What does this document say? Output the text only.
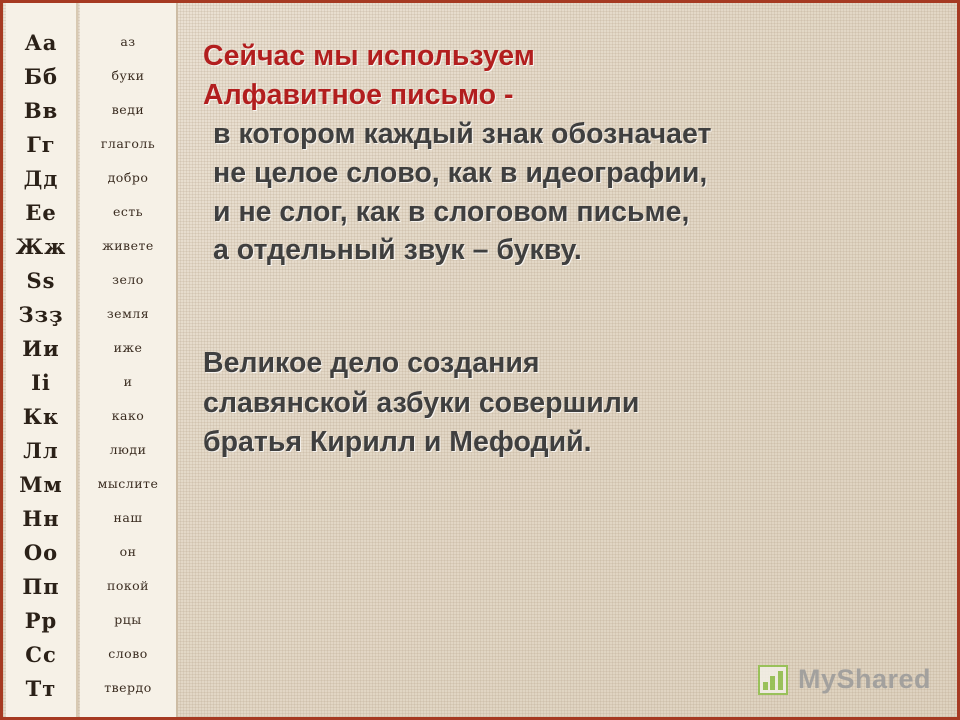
Аа
Бб
Вв
Гг
Дд
Ее
Жж
Ss
Ззҙ
Ии
Іi
Кк
Лл
Мм
Нн
Оо
Пп
Рр
Сс
Тт
аз
буки
веди
глаголь
добро
есть
живете
зело
земля
иже
и
како
люди
мыслите
наш
он
покой
рцы
слово
твердо
Сейчас мы используем
Алфавитное письмо -

в котором каждый знак обозначает
не целое слово, как в идеографии,
и не слог, как в слоговом письме,
а отдельный звук – букву.
Великое дело создания
славянской азбуки совершили
братья Кирилл и Мефодий.
MyShared
